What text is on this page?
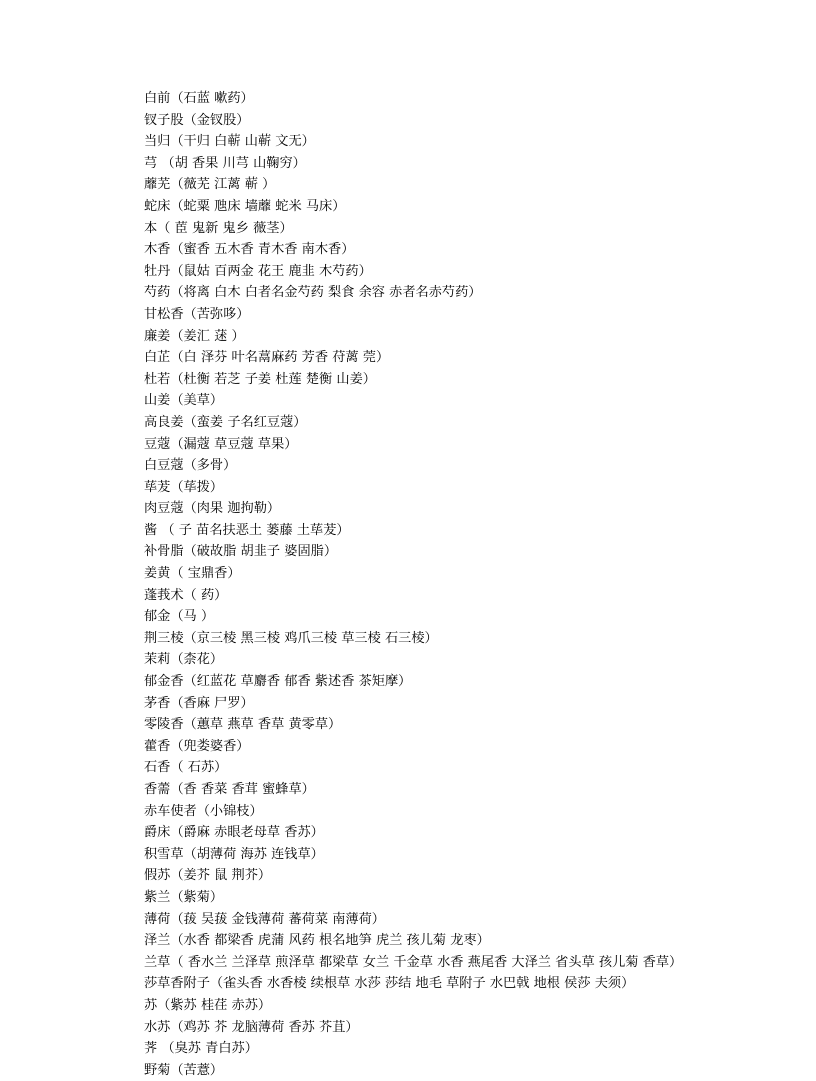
白前（石蓝 嗽药）
钗子股（金钗股）
当归（干归 白蕲 山蕲 文无）
芎 （胡 香果 川芎 山鞠穷）
蘼芜（薇芜 江蓠 蕲 ）
蛇床（蛇粟 虺床 墙蘼 蛇米 马床）
本（ 茞 鬼新 鬼乡 薇茎）
木香（蜜香 五木香 青木香 南木香）
牡丹（鼠姑 百两金 花王 鹿韭 木芍药）
芍药（将离 白木 白者名金芍药 梨食 余容 赤者名赤芍药）
甘松香（苦弥哆）
廉姜（姜汇 蒁 ）
白芷（白 泽芬 叶名蒚麻药 芳香 苻蓠 莞）
杜若（杜衡 若芝 子姜 杜莲 楚衡 山姜）
山姜（美草）
高良姜（蛮姜 子名红豆蔻）
豆蔻（漏蔻 草豆蔻 草果）
白豆蔻（多骨）
荜茇（荜拨）
肉豆蔻（肉果 迦拘勒）
酱 （ 子 苗名扶恶土 蒌藤 土荜茇）
补骨脂（破故脂 胡韭子 婆固脂）
姜黄（ 宝鼎香）
蓬莪术（ 药）
郁金（马 ）
荆三棱（京三棱 黑三棱 鸡爪三棱 草三棱 石三棱）
茉莉（柰花）
郁金香（红蓝花 草麝香 郁香 紫述香 茶矩摩）
茅香（香麻 尸罗）
零陵香（蕙草 燕草 香草 黄零草）
藿香（兜娄婆香）
石香（ 石苏）
香薷（香 香菜 香茸 蜜蜂草）
赤车使者（小锦枝）
爵床（爵麻 赤眼老母草 香苏）
积雪草（胡薄荷 海苏 连钱草）
假苏（姜芥 鼠 荆芥）
紫兰（紫菊）
薄荷（菝 吴菝 金钱薄荷 蕃荷菜 南薄荷）
泽兰（水香 都梁香 虎蒲 风药 根名地笋 虎兰 孩儿菊 龙枣）
兰草（ 香水兰 兰泽草 煎泽草 都梁草 女兰 千金草 水香 燕尾香 大泽兰 省头草 孩儿菊 香草）
莎草香附子（雀头香 水香棱 续根草 水莎 莎结 地毛 草附子 水巴戟 地根 侯莎 夫须）
苏（紫苏 桂荏 赤苏）
水苏（鸡苏 芥 龙脑薄荷 香苏 芥苴）
荠 （臭苏 青白苏）
野菊（苦薏）
